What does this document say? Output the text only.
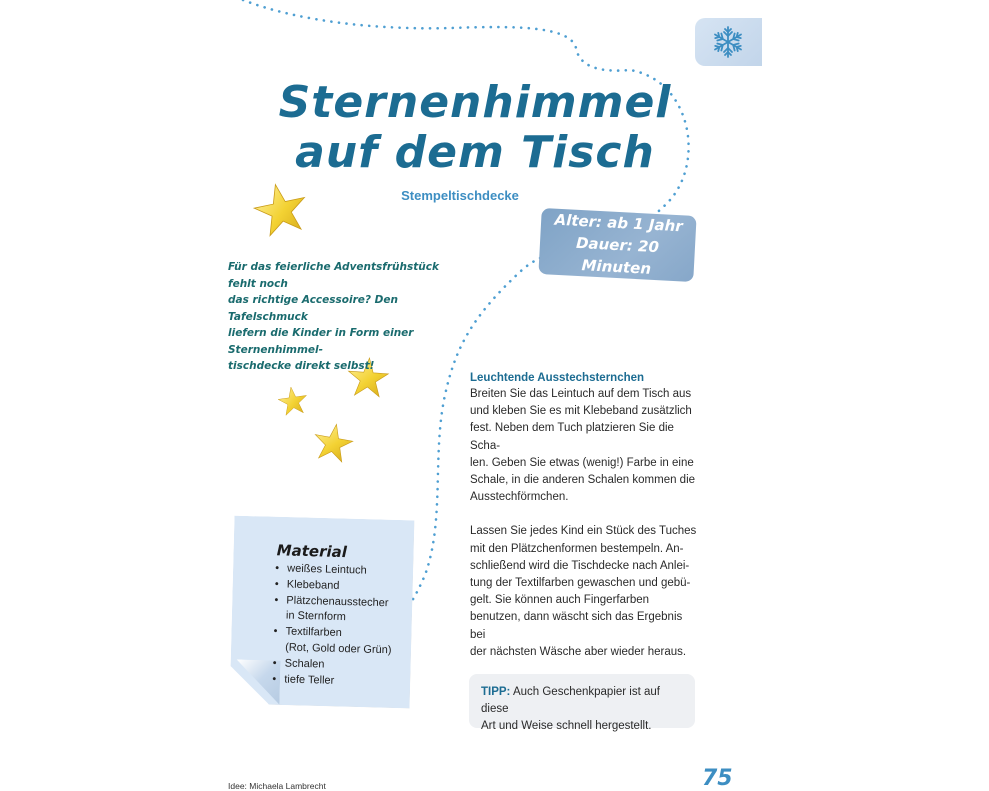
Sternenhimmel
auf dem Tisch
Stempeltischdecke
Alter: ab 1 Jahr
Dauer: 20 Minuten
Für das feierliche Adventsfrühstück fehlt noch
das richtige Accessoire? Den Tafelschmuck
liefern die Kinder in Form einer Sternenhimmel-
tischdecke direkt selbst!
Leuchtende Ausstechsternchen

Breiten Sie das Leintuch auf dem Tisch aus
und kleben Sie es mit Klebeband zusätzlich
fest. Neben dem Tuch platzieren Sie die Scha-
len. Geben Sie etwas (wenig!) Farbe in eine
Schale, in die anderen Schalen kommen die
Ausstechförmchen.

Lassen Sie jedes Kind ein Stück des Tuches
mit den Plätzchenformen bestempeln. An-
schließend wird die Tischdecke nach Anlei-
tung der Textilfarben gewaschen und gebü-
gelt. Sie können auch Fingerfarben
benutzen, dann wäscht sich das Ergebnis bei
der nächsten Wäsche aber wieder heraus.

Material
• weißes Leintuch
• Klebeband
• Plätzchenausstecher
in Sternform
• Textilfarben
(Rot, Gold oder Grün)
• Schalen
• tiefe Teller
TIPP: Auch Geschenkpapier ist auf diese
Art und Weise schnell hergestellt.
Idee: Michaela Lambrecht	75
